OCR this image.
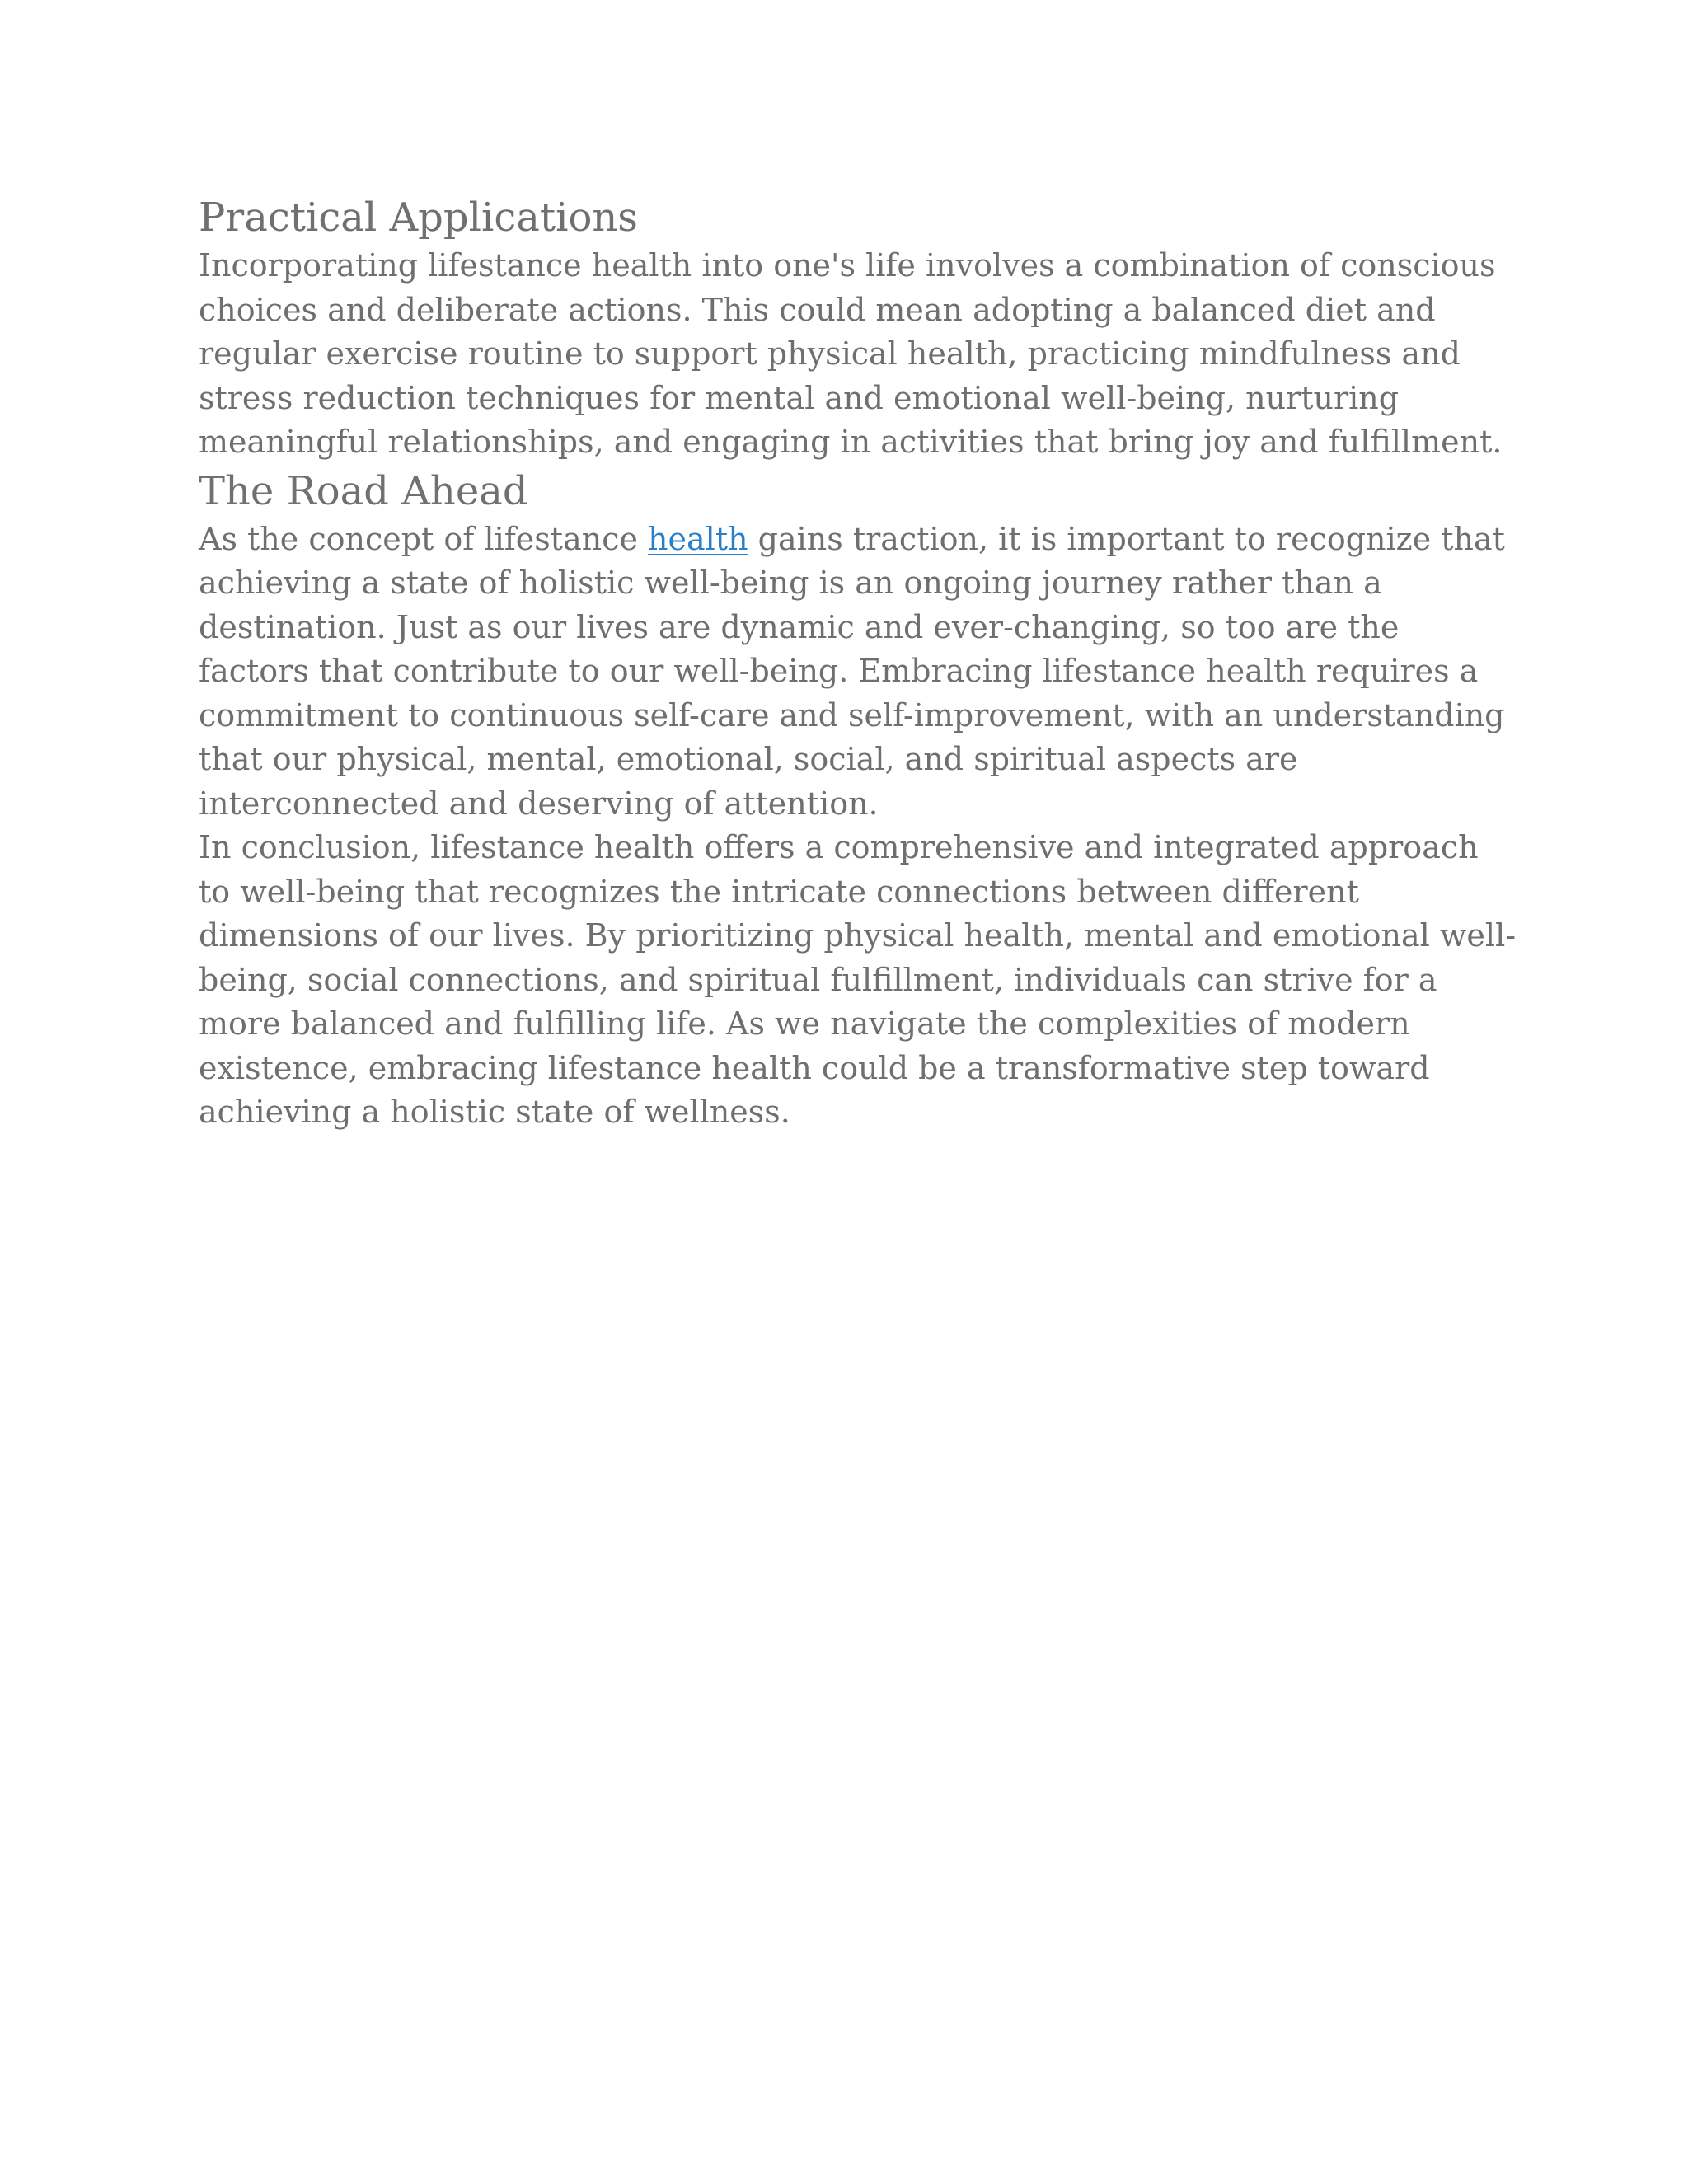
Practical Applications

Incorporating lifestance health into one's life involves a combination of conscious choices and deliberate actions. This could mean adopting a balanced diet and regular exercise routine to support physical health, practicing mindfulness and stress reduction techniques for mental and emotional well-being, nurturing meaningful relationships, and engaging in activities that bring joy and fulfillment.

The Road Ahead

As the concept of lifestance health gains traction, it is important to recognize that achieving a state of holistic well-being is an ongoing journey rather than a destination. Just as our lives are dynamic and ever-changing, so too are the factors that contribute to our well-being. Embracing lifestance health requires a commitment to continuous self-care and self-improvement, with an understanding that our physical, mental, emotional, social, and spiritual aspects are interconnected and deserving of attention.

In conclusion, lifestance health offers a comprehensive and integrated approach to well-being that recognizes the intricate connections between different dimensions of our lives. By prioritizing physical health, mental and emotional well-being, social connections, and spiritual fulfillment, individuals can strive for a more balanced and fulfilling life. As we navigate the complexities of modern existence, embracing lifestance health could be a transformative step toward achieving a holistic state of wellness.
